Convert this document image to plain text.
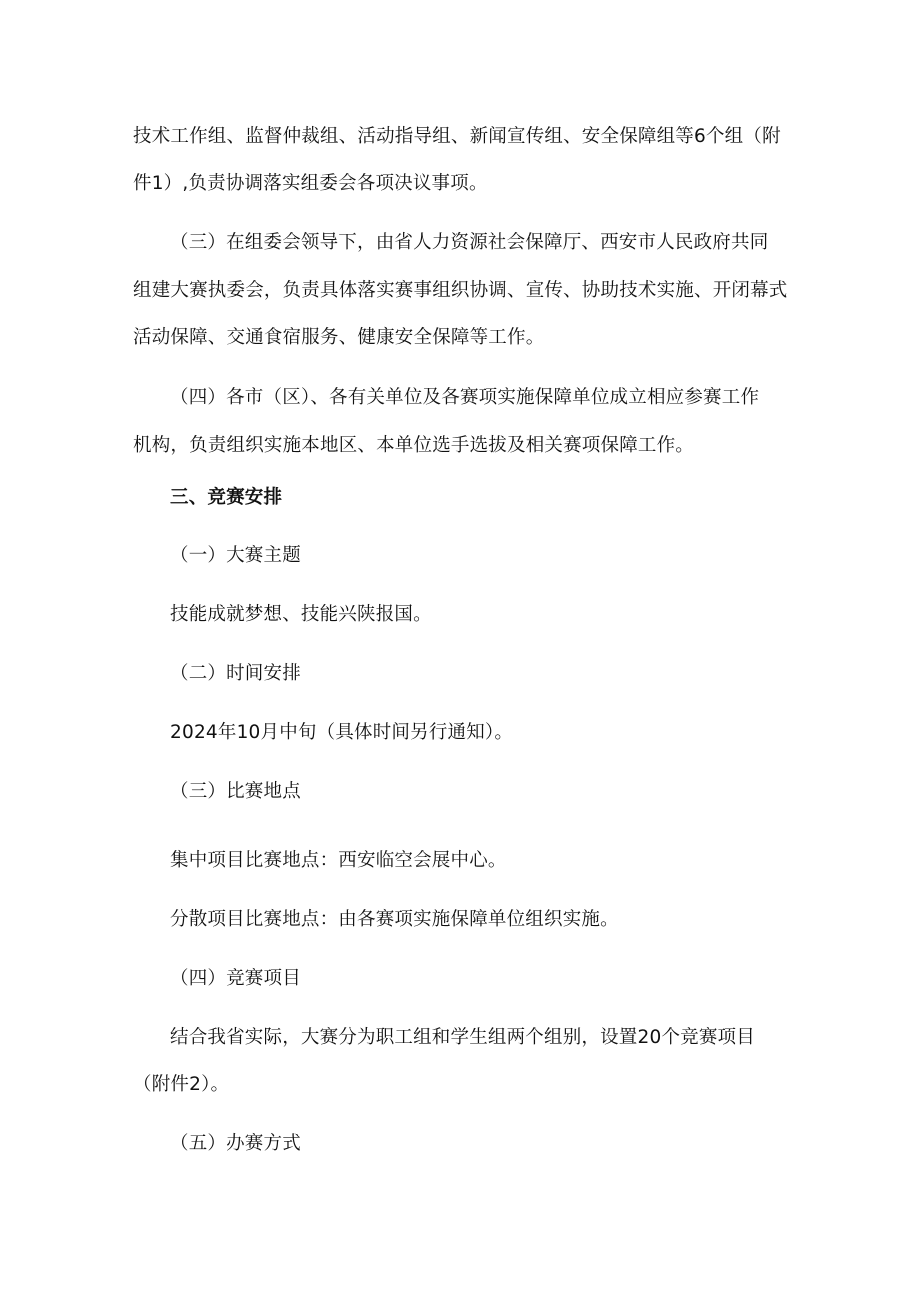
技术工作组、监督仲裁组、活动指导组、新闻宣传组、安全保障组等6个组（附
件1）,负责协调落实组委会各项决议事项。
（三）在组委会领导下，由省人力资源社会保障厅、西安市人民政府共同
组建大赛执委会，负责具体落实赛事组织协调、宣传、协助技术实施、开闭幕式
活动保障、交通食宿服务、健康安全保障等工作。
（四）各市（区）、各有关单位及各赛项实施保障单位成立相应参赛工作
机构，负责组织实施本地区、本单位选手选拔及相关赛项保障工作。
三、竞赛安排
（一）大赛主题
技能成就梦想、技能兴陕报国。
（二）时间安排
2024年10月中旬（具体时间另行通知）。
（三）比赛地点
集中项目比赛地点：西安临空会展中心。
分散项目比赛地点：由各赛项实施保障单位组织实施。
（四）竞赛项目
结合我省实际，大赛分为职工组和学生组两个组别，设置20个竞赛项目
（附件2）。
（五）办赛方式
